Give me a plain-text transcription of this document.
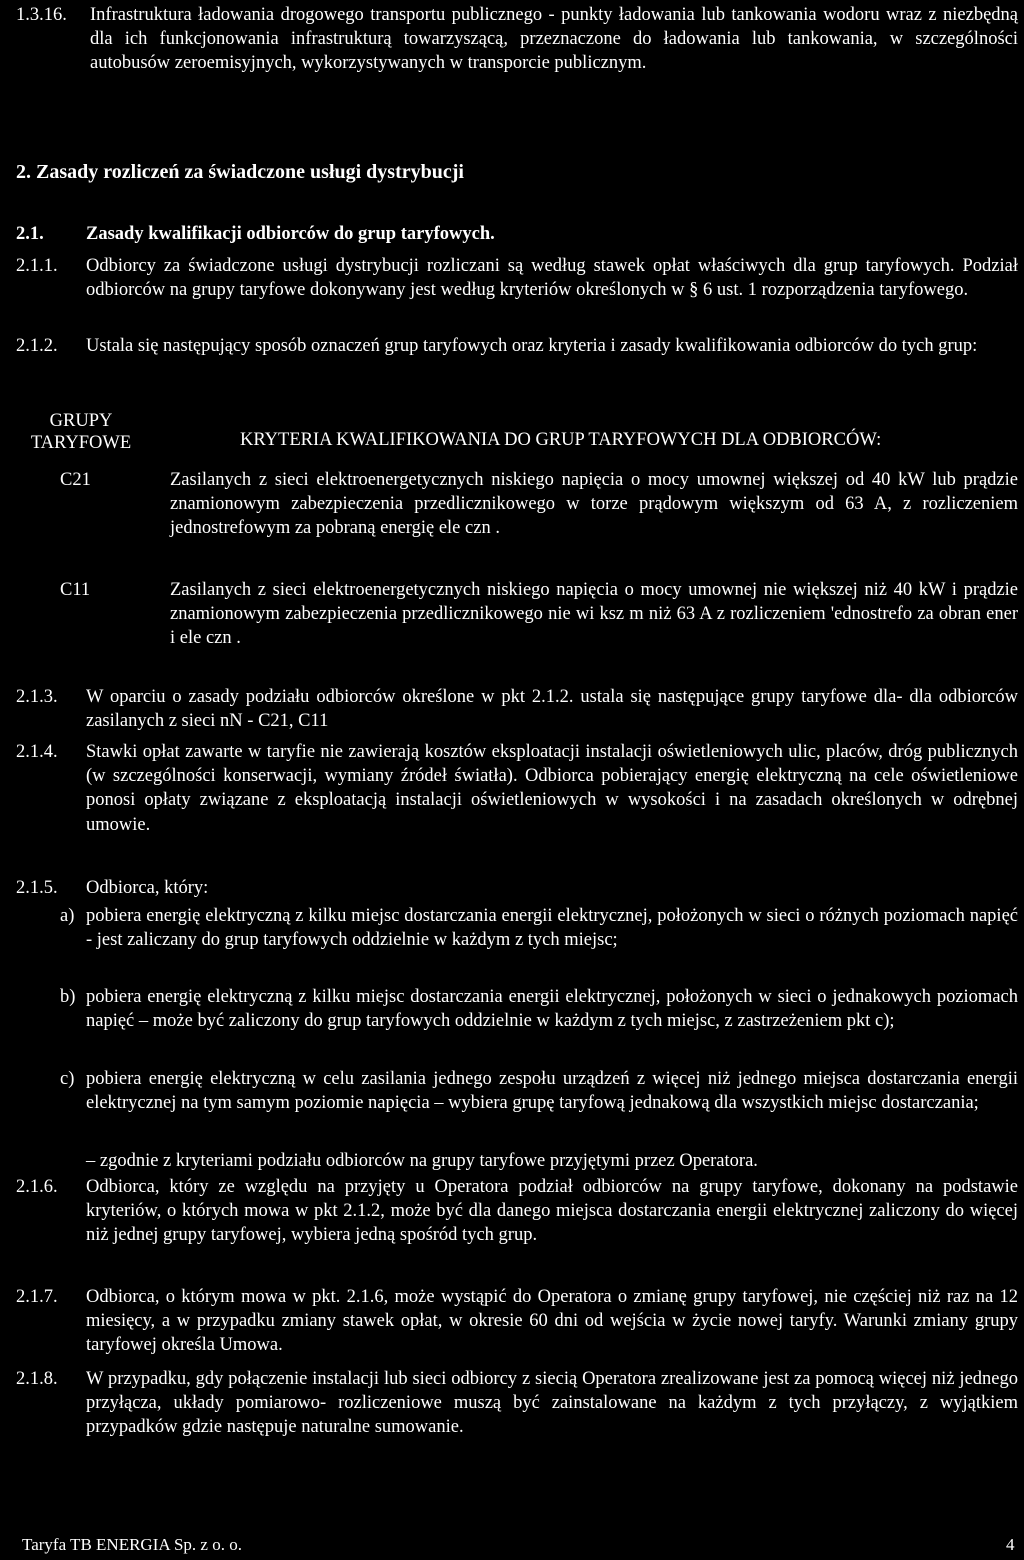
1.3.16. Infrastruktura ładowania drogowego transportu publicznego - punkty ładowania lub tankowania wodoru wraz z niezbędną dla ich funkcjonowania infrastrukturą towarzyszącą, przeznaczone do ładowania lub tankowania, w szczególności autobusów zeroemisyjnych, wykorzystywanych w transporcie publicznym.
2. Zasady rozliczeń za świadczone usługi dystrybucji
2.1. Zasady kwalifikacji odbiorców do grup taryfowych.
2.1.1. Odbiorcy za świadczone usługi dystrybucji rozliczani są według stawek opłat właściwych dla grup taryfowych. Podział odbiorców na grupy taryfowe dokonywany jest według kryteriów określonych w § 6 ust. 1 rozporządzenia taryfowego.
2.1.2. Ustala się następujący sposób oznaczeń grup taryfowych oraz kryteria i zasady kwalifikowania odbiorców do tych grup:
GRUPY
TARYFOWE	KRYTERIA KWALIFIKOWANIA DO GRUP TARYFOWYCH DLA ODBIORCÓW:
C21	Zasilanych z sieci elektroenergetycznych niskiego napięcia o mocy umownej większej od 40 kW lub prądzie znamionowym zabezpieczenia przedlicznikowego w torze prądowym większym od 63 A, z rozliczeniem jednostrefowym za pobraną energię ele czn .
C11	Zasilanych z sieci elektroenergetycznych niskiego napięcia o mocy umownej nie większej niż 40 kW i prądzie znamionowym zabezpieczenia przedlicznikowego nie wi ksz m niż 63 A z rozliczeniem 'ednostrefo za obran ener i ele czn .
2.1.3. W oparciu o zasady podziału odbiorców określone w pkt 2.1.2. ustala się następujące grupy taryfowe dla- dla odbiorców zasilanych z sieci nN - C21, C11
2.1.4. Stawki opłat zawarte w taryfie nie zawierają kosztów eksploatacji instalacji oświetleniowych ulic, placów, dróg publicznych (w szczególności konserwacji, wymiany źródeł światła). Odbiorca pobierający energię elektryczną na cele oświetleniowe ponosi opłaty związane z eksploatacją instalacji oświetleniowych w wysokości i na zasadach określonych w odrębnej umowie.
2.1.5. Odbiorca, który:
a) pobiera energię elektryczną z kilku miejsc dostarczania energii elektrycznej, położonych w sieci o różnych poziomach napięć - jest zaliczany do grup taryfowych oddzielnie w każdym z tych miejsc;
b) pobiera energię elektryczną z kilku miejsc dostarczania energii elektrycznej, położonych w sieci o jednakowych poziomach napięć – może być zaliczony do grup taryfowych oddzielnie w każdym z tych miejsc, z zastrzeżeniem pkt c);
c) pobiera energię elektryczną w celu zasilania jednego zespołu urządzeń z więcej niż jednego miejsca dostarczania energii elektrycznej na tym samym poziomie napięcia – wybiera grupę taryfową jednakową dla wszystkich miejsc dostarczania;
– zgodnie z kryteriami podziału odbiorców na grupy taryfowe przyjętymi przez Operatora.
2.1.6. Odbiorca, który ze względu na przyjęty u Operatora podział odbiorców na grupy taryfowe, dokonany na podstawie kryteriów, o których mowa w pkt 2.1.2, może być dla danego miejsca dostarczania energii elektrycznej zaliczony do więcej niż jednej grupy taryfowej, wybiera jedną spośród tych grup.
2.1.7. Odbiorca, o którym mowa w pkt. 2.1.6, może wystąpić do Operatora o zmianę grupy taryfowej, nie częściej niż raz na 12 miesięcy, a w przypadku zmiany stawek opłat, w okresie 60 dni od wejścia w życie nowej taryfy. Warunki zmiany grupy taryfowej określa Umowa.
2.1.8. W przypadku, gdy połączenie instalacji lub sieci odbiorcy z siecią Operatora zrealizowane jest za pomocą więcej niż jednego przyłącza, układy pomiarowo- rozliczeniowe muszą być zainstalowane na każdym z tych przyłączy, z wyjątkiem przypadków gdzie następuje naturalne sumowanie.
Taryfa TB ENERGIA Sp. z o. o.	4
